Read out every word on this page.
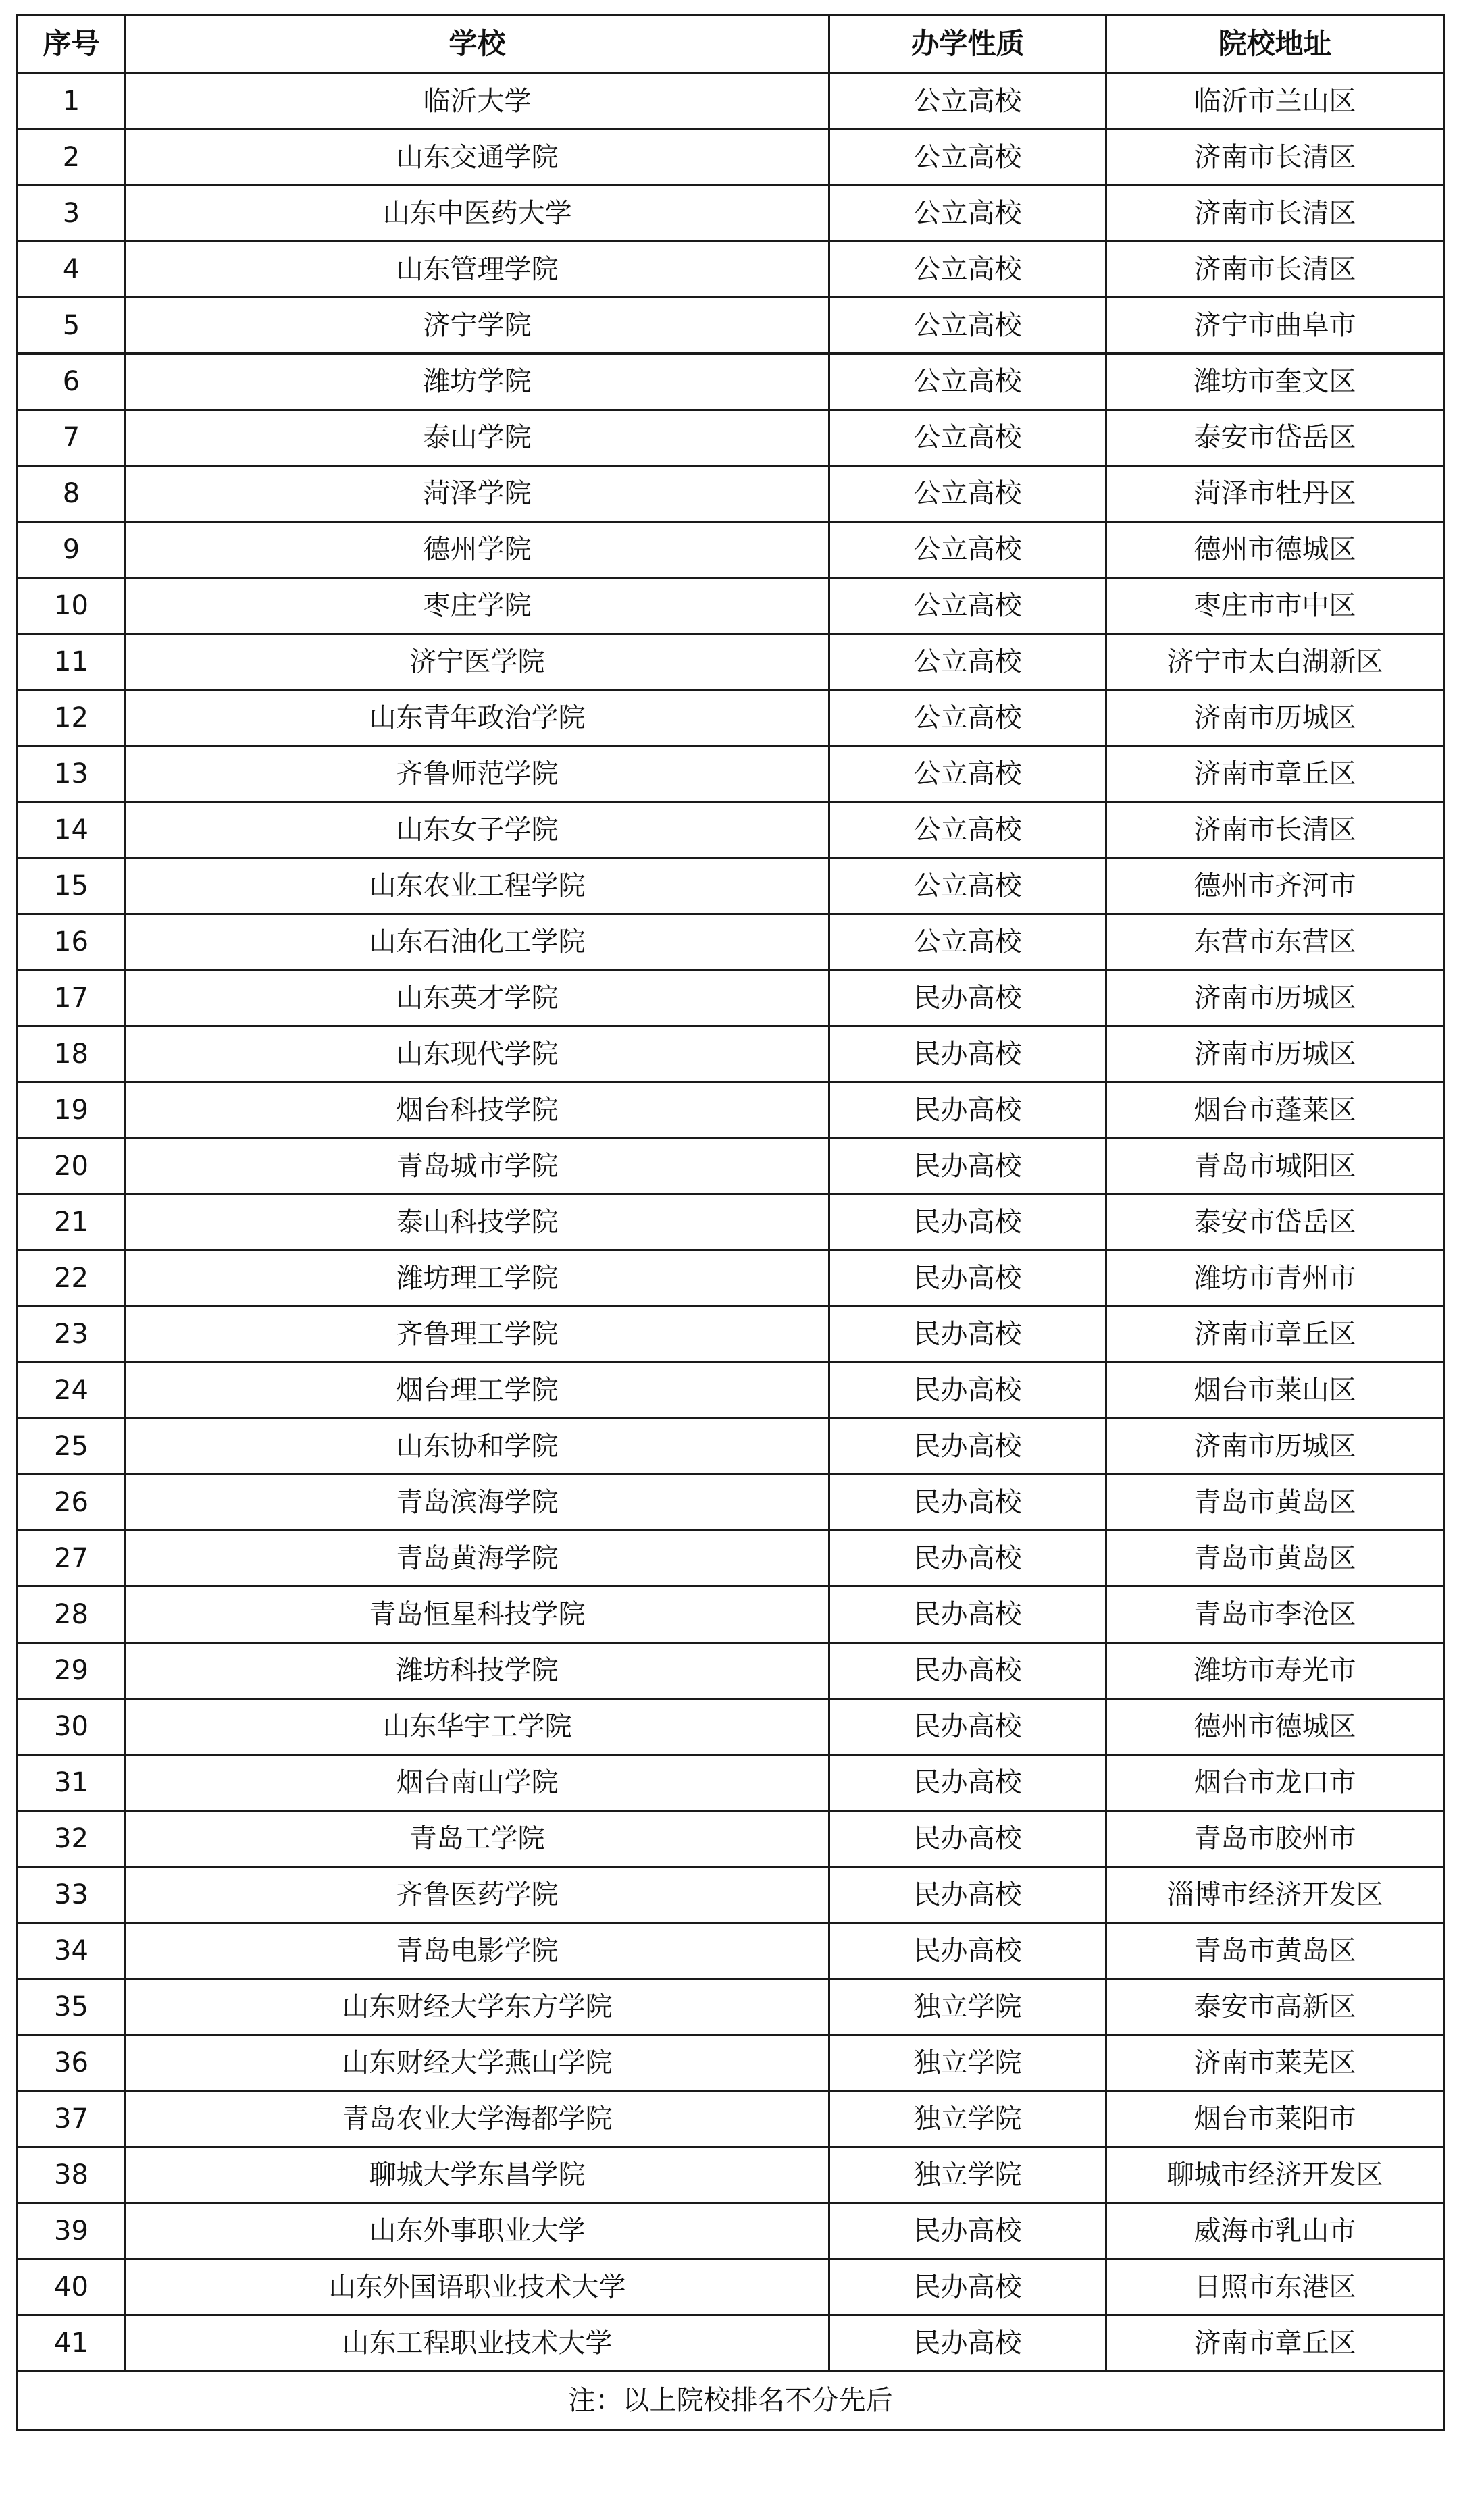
序号	学校	办学性质	院校地址
1	临沂大学	公立高校	临沂市兰山区
2	山东交通学院	公立高校	济南市长清区
3	山东中医药大学	公立高校	济南市长清区
4	山东管理学院	公立高校	济南市长清区
5	济宁学院	公立高校	济宁市曲阜市
6	潍坊学院	公立高校	潍坊市奎文区
7	泰山学院	公立高校	泰安市岱岳区
8	菏泽学院	公立高校	菏泽市牡丹区
9	德州学院	公立高校	德州市德城区
10	枣庄学院	公立高校	枣庄市市中区
11	济宁医学院	公立高校	济宁市太白湖新区
12	山东青年政治学院	公立高校	济南市历城区
13	齐鲁师范学院	公立高校	济南市章丘区
14	山东女子学院	公立高校	济南市长清区
15	山东农业工程学院	公立高校	德州市齐河市
16	山东石油化工学院	公立高校	东营市东营区
17	山东英才学院	民办高校	济南市历城区
18	山东现代学院	民办高校	济南市历城区
19	烟台科技学院	民办高校	烟台市蓬莱区
20	青岛城市学院	民办高校	青岛市城阳区
21	泰山科技学院	民办高校	泰安市岱岳区
22	潍坊理工学院	民办高校	潍坊市青州市
23	齐鲁理工学院	民办高校	济南市章丘区
24	烟台理工学院	民办高校	烟台市莱山区
25	山东协和学院	民办高校	济南市历城区
26	青岛滨海学院	民办高校	青岛市黄岛区
27	青岛黄海学院	民办高校	青岛市黄岛区
28	青岛恒星科技学院	民办高校	青岛市李沧区
29	潍坊科技学院	民办高校	潍坊市寿光市
30	山东华宇工学院	民办高校	德州市德城区
31	烟台南山学院	民办高校	烟台市龙口市
32	青岛工学院	民办高校	青岛市胶州市
33	齐鲁医药学院	民办高校	淄博市经济开发区
34	青岛电影学院	民办高校	青岛市黄岛区
35	山东财经大学东方学院	独立学院	泰安市高新区
36	山东财经大学燕山学院	独立学院	济南市莱芜区
37	青岛农业大学海都学院	独立学院	烟台市莱阳市
38	聊城大学东昌学院	独立学院	聊城市经济开发区
39	山东外事职业大学	民办高校	威海市乳山市
40	山东外国语职业技术大学	民办高校	日照市东港区
41	山东工程职业技术大学	民办高校	济南市章丘区
注：以上院校排名不分先后			
